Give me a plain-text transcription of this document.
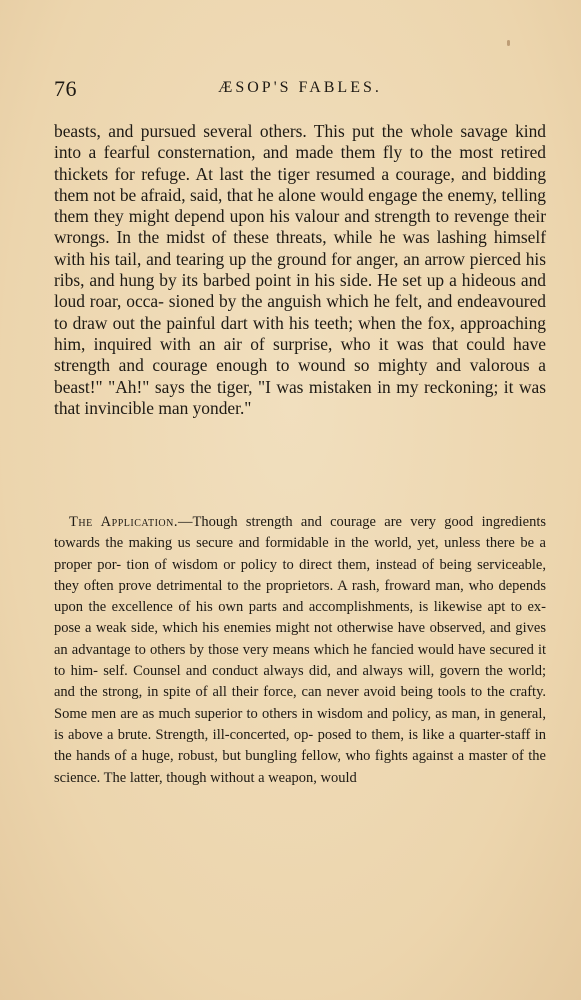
76	ÆSOP'S FABLES.

beasts, and pursued several others. This put the whole savage kind into a fearful consternation, and made them fly to the most retired thickets for refuge. At last the tiger resumed a courage, and bidding them not be afraid, said, that he alone would engage the enemy, telling them they might depend upon his valour and strength to revenge their wrongs. In the midst of these threats, while he was lashing himself with his tail, and tearing up the ground for anger, an arrow pierced his ribs, and hung by its barbed point in his side. He set up a hideous and loud roar, occa- sioned by the anguish which he felt, and endeavoured to draw out the painful dart with his teeth; when the fox, approaching him, inquired with an air of surprise, who it was that could have strength and courage enough to wound so mighty and valorous a beast!" "Ah!" says the tiger, "I was mistaken in my reckoning; it was that invincible man yonder."

The Application.—Though strength and courage are very good ingredients towards the making us secure and formidable in the world, yet, unless there be a proper por- tion of wisdom or policy to direct them, instead of being serviceable, they often prove detrimental to the proprietors. A rash, froward man, who depends upon the excellence of his own parts and accomplishments, is likewise apt to ex- pose a weak side, which his enemies might not otherwise have observed, and gives an advantage to others by those very means which he fancied would have secured it to him- self. Counsel and conduct always did, and always will, govern the world; and the strong, in spite of all their force, can never avoid being tools to the crafty. Some men are as much superior to others in wisdom and policy, as man, in general, is above a brute. Strength, ill-concerted, op- posed to them, is like a quarter-staff in the hands of a huge, robust, but bungling fellow, who fights against a master of the science. The latter, though without a weapon, would
